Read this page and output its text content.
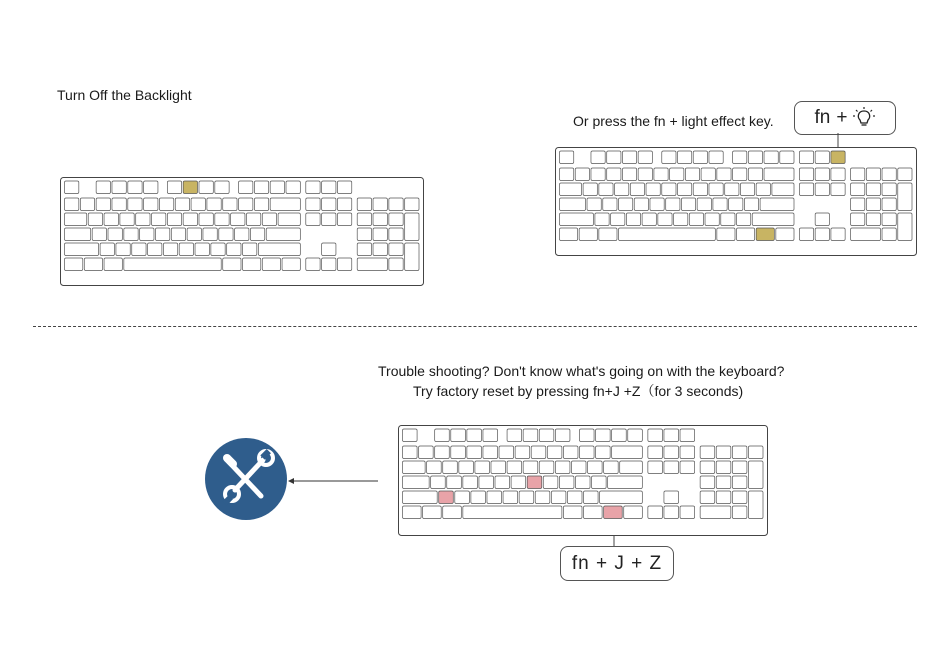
Turn Off the Backlight
Or press the fn + light effect key. fn +
Trouble shooting? Don't know what's going on with the keyboard?
Try factory reset by pressing fn+J +Z（for 3 seconds)
fn + J + Z
